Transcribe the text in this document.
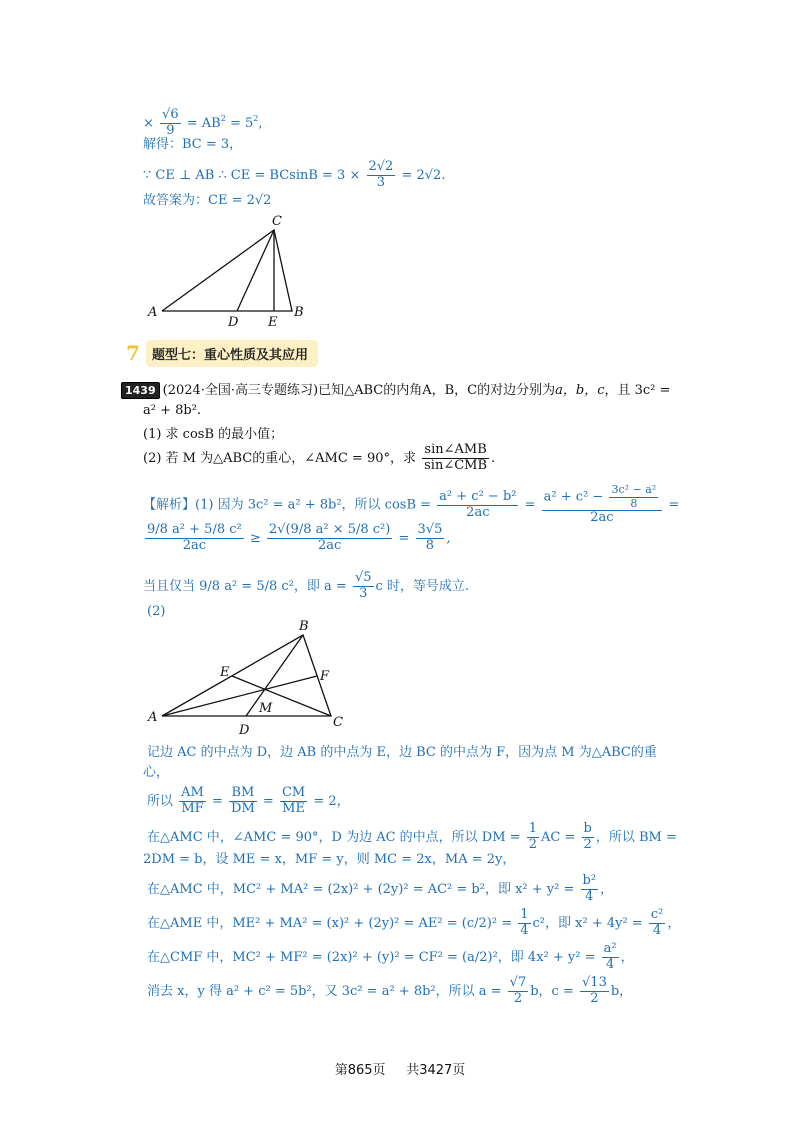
× $\frac{√6}{9} = AB^2 = 5^2$,
解得：BC = 3，
∵ CE ⊥ AB ∴ CE = $BCsinB = 3 \times \frac{2√2}{3} = 2√2$.
故答案为：CE = 2√2
A	B
C
D E
7 题型七：重心性质及其应用
1439 (2024·全国·高三专题练习)已知△ABC的内角A，B，C的对边分别为a，b，c，且 3c² =
a² + 8b².
(1) 求 cosB 的最小值；
(2) 若 M 为△ABC的重心，∠AMC = 90°，求 $\frac{\text{sin∠AMB}}{\text{sin∠CMB}}$ .
【解析】(1) 因为 3c² = a² + 8b²，所以 $\cos B = \frac{\text{a² + c² − b²}}{2ac} = \frac{a^2 + c^2 - \frac{\text{3c² − a²}}{8}}{2ac}$ =
$\frac{\text{9/8 a² + 5/8 c²}}{2ac} \ge \frac{\text{2√(9/8 a² × 5/8 c²)}}{2ac} = \frac{3√5}{8}$ ,
当且仅当 9/8 a² = 5/8 c²，即 $a = \frac{√5}{3}$ c 时，等号成立.
(2)
A
B
C
D
E	F
M
记边 AC 的中点为 D，边 AB 的中点为 E，边 BC 的中点为 F，因为点 M 为△ABC的重
心，
所以 $\frac{AM}{MF} = \frac{BM}{DM} = \frac{CM}{ME} = 2$，
在△AMC 中，∠AMC = 90°，D 为边 AC 的中点，所以 DM = $\frac{1}{2}$ AC = $\frac{b}{2}$ ，所以 BM =
2DM = b，设 ME = x，MF = y，则 MC = 2x，MA = 2y，
在△AMC 中，MC² + MA² = (2x)² + (2y)² = AC² = b²，即 $x^2 + y^2 = \frac{\text{b²}}{4}$ ，
在△AME 中，$ME^2 + MA^2 = (x)^2 + (2y)^2 = AE^2 = (c/2)^2 = \frac{1}{4} c^2$，即 $x^2 + 4y^2 = \frac{\text{c²}}{4}$ ，
在△CMF 中，MC² + MF² = (2x)² + (y)² = CF² = (a/2)²，即 $4x^2 + y^2 = \frac{\text{a²}}{4}$ ，
消去 x，y 得 a² + c² = 5b²，又 3c² = a² + 8b²，所以 $a = \frac{√7}{2}$ b，$c = \frac{√13}{2}$ b，
第865页 共3427页
